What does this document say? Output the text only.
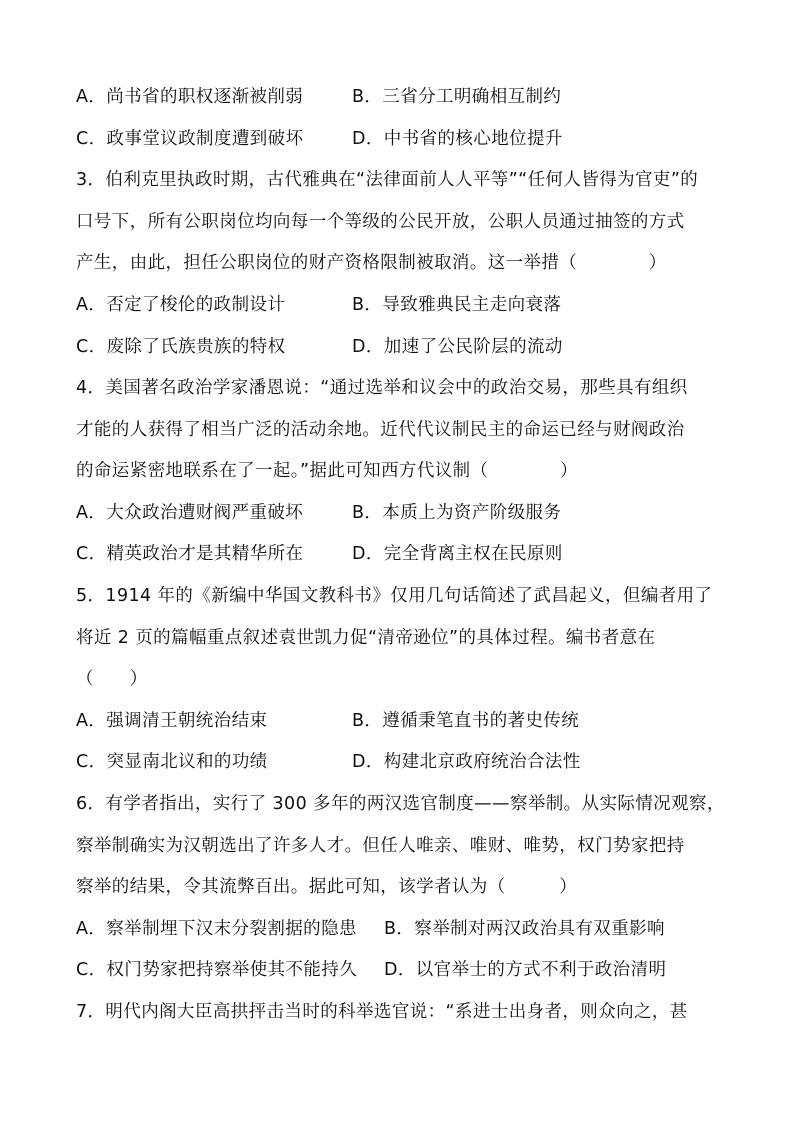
A．尚书省的职权逐渐被削弱	B．三省分工明确相互制约
C．政事堂议政制度遭到破坏	D．中书省的核心地位提升
3．伯利克里执政时期，古代雅典在“法律面前人人平等”“任何人皆得为官吏”的
口号下，所有公职岗位均向每一个等级的公民开放，公职人员通过抽签的方式
产生，由此，担任公职岗位的财产资格限制被取消。这一举措（　　　　）
A．否定了梭伦的政制设计	B．导致雅典民主走向衰落
C．废除了氏族贵族的特权	D．加速了公民阶层的流动
4．美国著名政治学家潘恩说：“通过选举和议会中的政治交易，那些具有组织
才能的人获得了相当广泛的活动余地。近代代议制民主的命运已经与财阀政治
的命运紧密地联系在了一起。”据此可知西方代议制（　　　　）
A．大众政治遭财阀严重破坏	B．本质上为资产阶级服务
C．精英政治才是其精华所在	D．完全背离主权在民原则
5．1914 年的《新编中华国文教科书》仅用几句话简述了武昌起义，但编者用了
将近 2 页的篇幅重点叙述袁世凯力促“清帝逊位”的具体过程。编书者意在
（　　）
A．强调清王朝统治结束	B．遵循秉笔直书的著史传统
C．突显南北议和的功绩	D．构建北京政府统治合法性
6．有学者指出，实行了 300 多年的两汉选官制度——察举制。从实际情况观察，
察举制确实为汉朝选出了许多人才。但任人唯亲、唯财、唯势，权门势家把持
察举的结果，令其流弊百出。据此可知，该学者认为（　　　）
A．察举制埋下汉末分裂割据的隐患 B．察举制对两汉政治具有双重影响
C．权门势家把持察举使其不能持久 D．以官举士的方式不利于政治清明
7．明代内阁大臣高拱抨击当时的科举选官说：“系进士出身者，则众向之，甚
